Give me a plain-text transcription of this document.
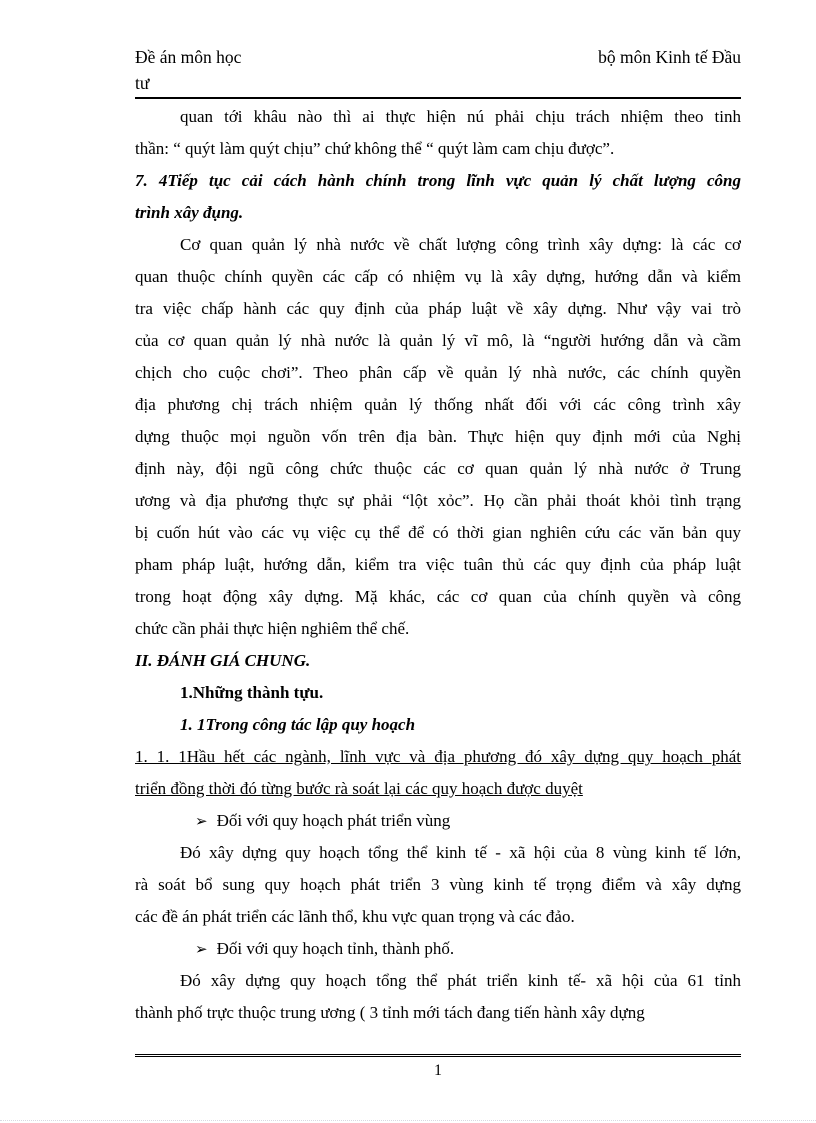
Đề án môn học	bộ môn Kinh tế Đầu
tư
quan tới khâu nào thì ai thực hiện nú phải chịu trách nhiệm theo tinh
thần: “ quýt làm quýt chịu” chứ không thể “ quýt làm cam chịu được”.
7. 4Tiếp tục cải cách hành chính trong lĩnh vực quản lý chất lượng công
trình xây đụng.
Cơ quan quản lý nhà nước về chất lượng công trình xây dựng: là các cơ
quan thuộc chính quyền các cấp có nhiệm vụ là xây dựng, hướng dẫn và kiểm
tra việc chấp hành các quy định của pháp luật về xây dựng. Như vậy vai trò
của cơ quan quản lý nhà nước là quản lý vĩ mô, là “người hướng dẫn và cầm
chịch cho cuộc chơi”. Theo phân cấp về quản lý nhà nước, các chính quyền
địa phương chị trách nhiệm quản lý thống nhất đối với các công trình xây
dựng thuộc mọi nguồn vốn trên địa bàn. Thực hiện quy định mới của Nghị
định này, đội ngũ công chức thuộc các cơ quan quản lý nhà nước ở Trung
ương và địa phương thực sự phải “lột xỏc”. Họ cần phải thoát khỏi tình trạng
bị cuốn hút vào các vụ việc cụ thể để có thời gian nghiên cứu các văn bản quy
pham pháp luật, hướng dẫn, kiểm tra việc tuân thủ các quy định của pháp luật
trong hoạt động xây dựng. Mặ khác, các cơ quan của chính quyền và công
chức cần phải thực hiện nghiêm thể chế.
II. ĐÁNH GIÁ CHUNG.
1.Những thành tựu.
1. 1Trong công tác lập quy hoạch
1. 1. 1Hầu hết các ngành, lĩnh vực và địa phương đó xây dựng quy hoạch phát
triển đồng thời đó từng bước rà soát lại các quy hoạch được duyệt
➢ Đối với quy hoạch phát triển vùng
Đó xây dựng quy hoạch tổng thể kinh tế - xã hội của 8 vùng kinh tế lớn,
rà soát bổ sung quy hoạch phát triển 3 vùng kinh tế trọng điểm và xây dựng
các đề án phát triển các lãnh thổ, khu vực quan trọng và các đảo.
➢ Đối với quy hoạch tỉnh, thành phố.
Đó xây dựng quy hoạch tổng thể phát triển kinh tế- xã hội của 61 tỉnh
thành phố trực thuộc trung ương ( 3 tỉnh mới tách đang tiến hành xây dựng
1
